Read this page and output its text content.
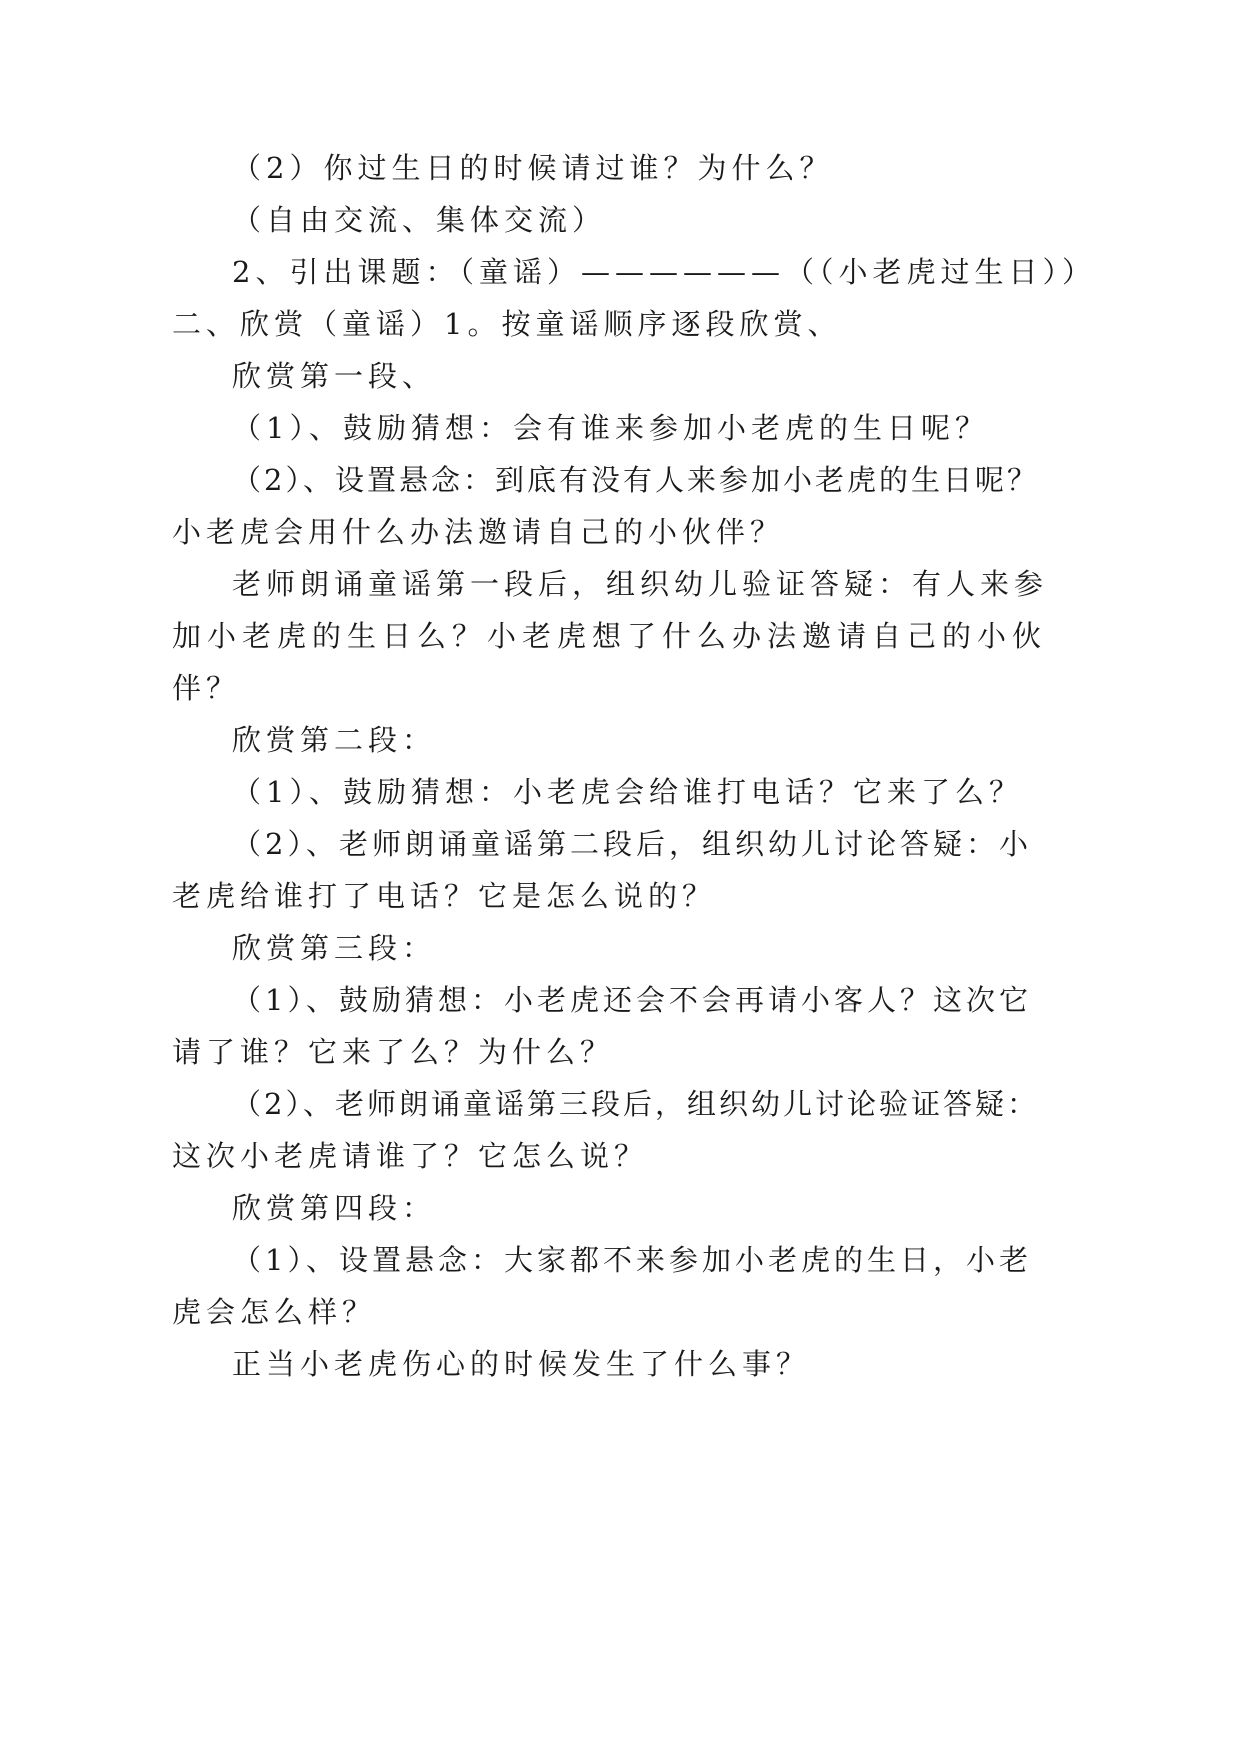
（2）你过生日的时候请过谁？为什么？
（自由交流、集体交流）
2、引出课题：（童谣）——————（（小老虎过生日））
二、欣赏（童谣）1。按童谣顺序逐段欣赏、
欣赏第一段、
（1）、鼓励猜想：会有谁来参加小老虎的生日呢？
（2）、设置悬念：到底有没有人来参加小老虎的生日呢？
小老虎会用什么办法邀请自己的小伙伴？
老师朗诵童谣第一段后，组织幼儿验证答疑：有人来参
加小老虎的生日么？小老虎想了什么办法邀请自己的小伙
伴？
欣赏第二段：
（1）、鼓励猜想：小老虎会给谁打电话？它来了么？
（2）、老师朗诵童谣第二段后，组织幼儿讨论答疑：小
老虎给谁打了电话？它是怎么说的？
欣赏第三段：
（1）、鼓励猜想：小老虎还会不会再请小客人？这次它
请了谁？它来了么？为什么？
（2）、老师朗诵童谣第三段后，组织幼儿讨论验证答疑：
这次小老虎请谁了？它怎么说？
欣赏第四段：
（1）、设置悬念：大家都不来参加小老虎的生日，小老
虎会怎么样？
正当小老虎伤心的时候发生了什么事？
